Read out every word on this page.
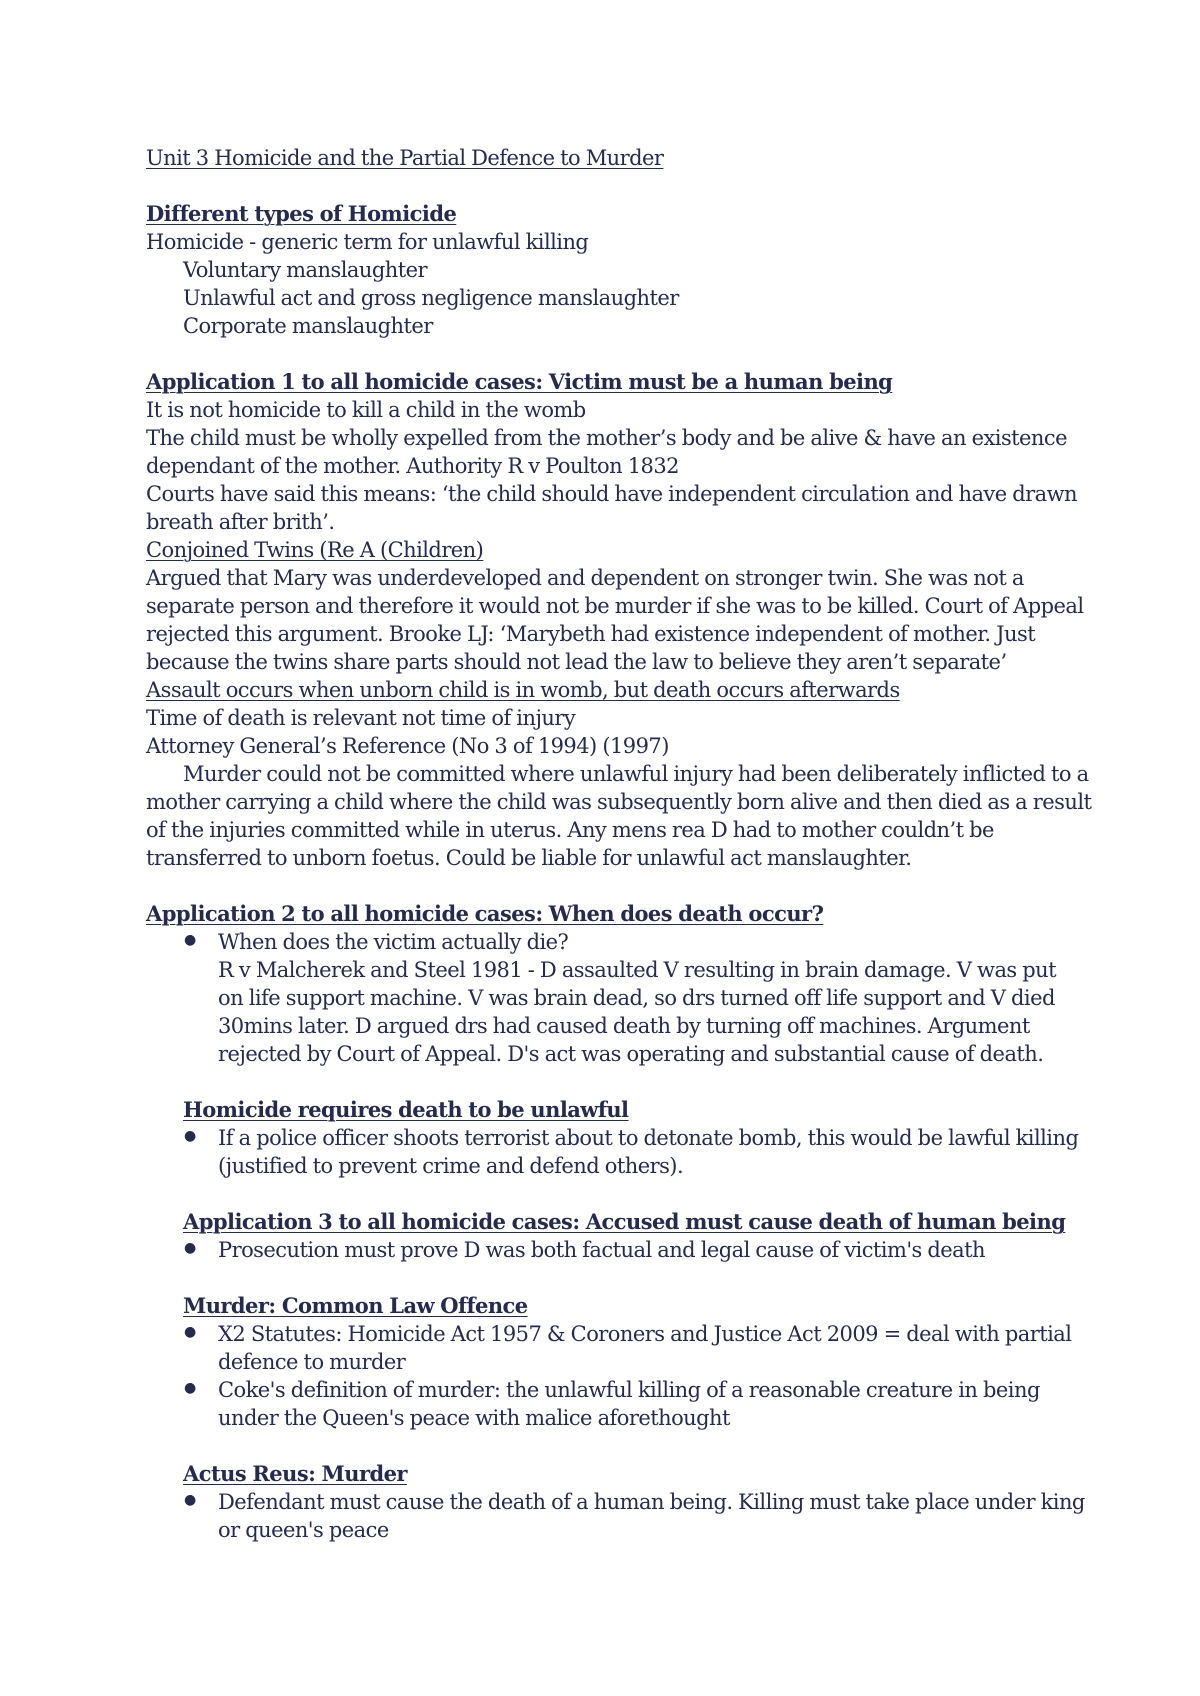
Unit 3 Homicide and the Partial Defence to Murder
Different types of Homicide
Homicide - generic term for unlawful killing
Voluntary manslaughter
Unlawful act and gross negligence manslaughter
Corporate manslaughter
Application 1 to all homicide cases: Victim must be a human being
It is not homicide to kill a child in the womb
The child must be wholly expelled from the mother’s body and be alive & have an existence
dependant of the mother. Authority R v Poulton 1832
Courts have said this means: ‘the child should have independent circulation and have drawn
breath after brith’.
Conjoined Twins (Re A (Children)
Argued that Mary was underdeveloped and dependent on stronger twin. She was not a
separate person and therefore it would not be murder if she was to be killed. Court of Appeal
rejected this argument. Brooke LJ: ‘Marybeth had existence independent of mother. Just
because the twins share parts should not lead the law to believe they aren’t separate’
Assault occurs when unborn child is in womb, but death occurs afterwards
Time of death is relevant not time of injury
Attorney General’s Reference (No 3 of 1994) (1997)
Murder could not be committed where unlawful injury had been deliberately inflicted to a
mother carrying a child where the child was subsequently born alive and then died as a result
of the injuries committed while in uterus. Any mens rea D had to mother couldn’t be
transferred to unborn foetus. Could be liable for unlawful act manslaughter.
Application 2 to all homicide cases: When does death occur?
● When does the victim actually die?
R v Malcherek and Steel 1981 - D assaulted V resulting in brain damage. V was put
on life support machine. V was brain dead, so drs turned off life support and V died
30mins later. D argued drs had caused death by turning off machines. Argument
rejected by Court of Appeal. D's act was operating and substantial cause of death.
Homicide requires death to be unlawful
● If a police officer shoots terrorist about to detonate bomb, this would be lawful killing
(justified to prevent crime and defend others).
Application 3 to all homicide cases: Accused must cause death of human being
● Prosecution must prove D was both factual and legal cause of victim's death
Murder: Common Law Offence
● X2 Statutes: Homicide Act 1957 & Coroners and Justice Act 2009 = deal with partial
defence to murder
● Coke's definition of murder: the unlawful killing of a reasonable creature in being
under the Queen's peace with malice aforethought
Actus Reus: Murder
● Defendant must cause the death of a human being. Killing must take place under king
or queen's peace
